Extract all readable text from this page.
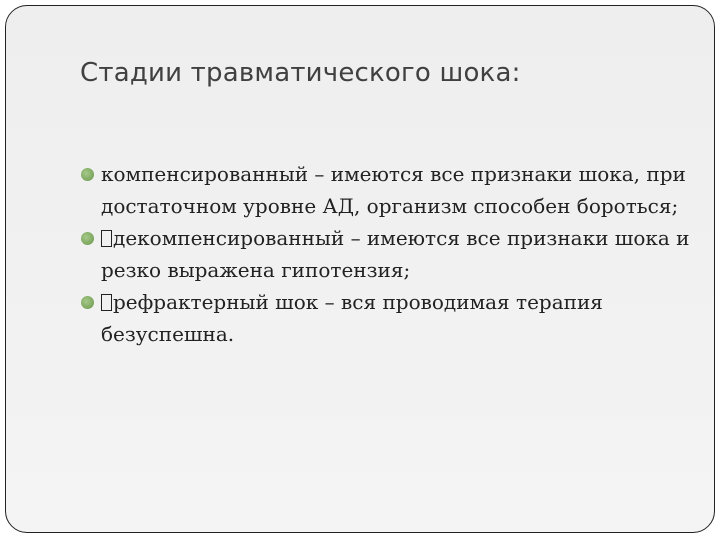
Стадии травматического шока:
компенсированный – имеются все признаки шока, при достаточном уровне АД, организм способен бороться;
декомпенсированный – имеются все признаки шока и резко выражена гипотензия;
рефрактерный шок – вся проводимая терапия безуспешна.
